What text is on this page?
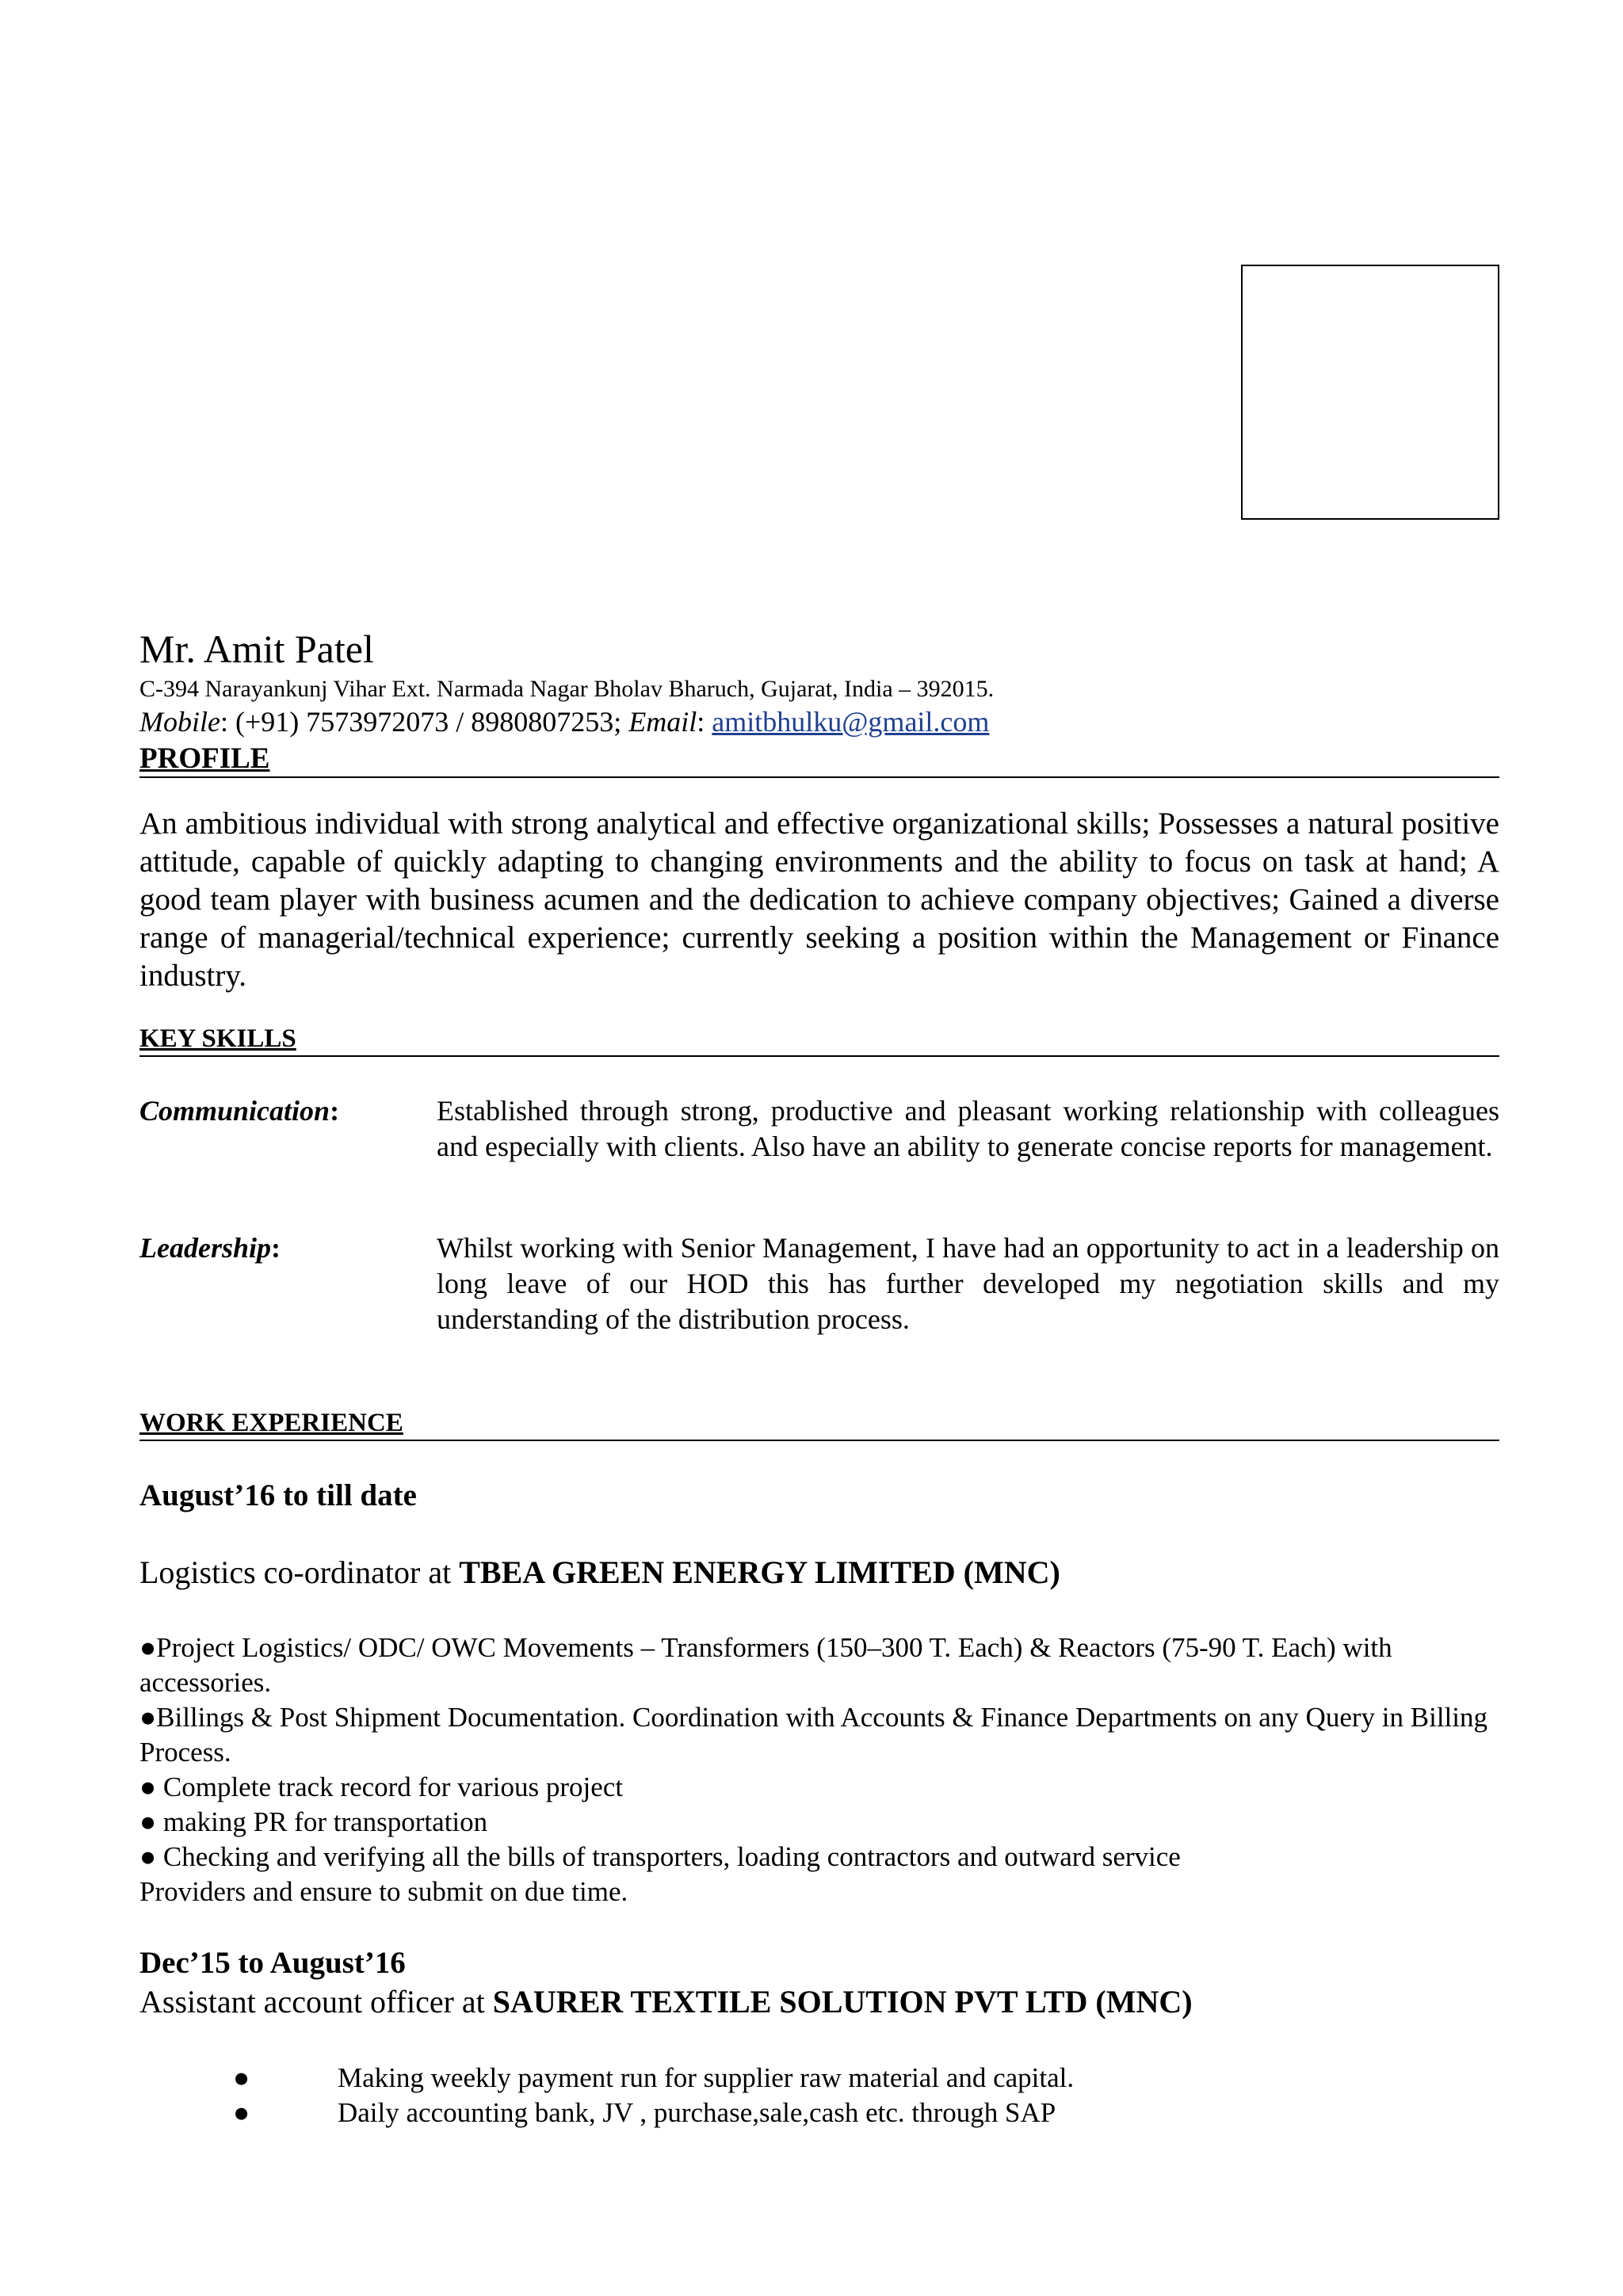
Mr. Amit Patel
C-394 Narayankunj Vihar Ext. Narmada Nagar Bholav Bharuch, Gujarat, India – 392015.
Mobile: (+91) 7573972073 / 8980807253; Email: amitbhulku@gmail.com
PROFILE
An ambitious individual with strong analytical and effective organizational skills; Possesses a natural positive attitude, capable of quickly adapting to changing environments and the ability to focus on task at hand; A good team player with business acumen and the dedication to achieve company objectives; Gained a diverse range of managerial/technical experience; currently seeking a position within the Management or Finance industry.
KEY SKILLS
Communication:	Established through strong, productive and pleasant working relationship with colleagues and especially with clients. Also have an ability to generate concise reports for management.
Leadership:	Whilst working with Senior Management, I have had an opportunity to act in a leadership on long leave of our HOD this has further developed my negotiation skills and my understanding of the distribution process.
WORK EXPERIENCE
August’16 to till date
Logistics co-ordinator at TBEA GREEN ENERGY LIMITED (MNC)
●Project Logistics/ ODC/ OWC Movements – Transformers (150–300 T. Each) & Reactors (75-90 T. Each) with accessories.
●Billings & Post Shipment Documentation. Coordination with Accounts & Finance Departments on any Query in Billing Process.
● Complete track record for various project
● making PR for transportation
● Checking and verifying all the bills of transporters, loading contractors and outward service
Providers and ensure to submit on due time.
Dec’15 to August’16
Assistant account officer at SAURER TEXTILE SOLUTION PVT LTD (MNC)
●	Making weekly payment run for supplier raw material and capital.
●	Daily accounting bank, JV , purchase,sale,cash etc. through SAP
